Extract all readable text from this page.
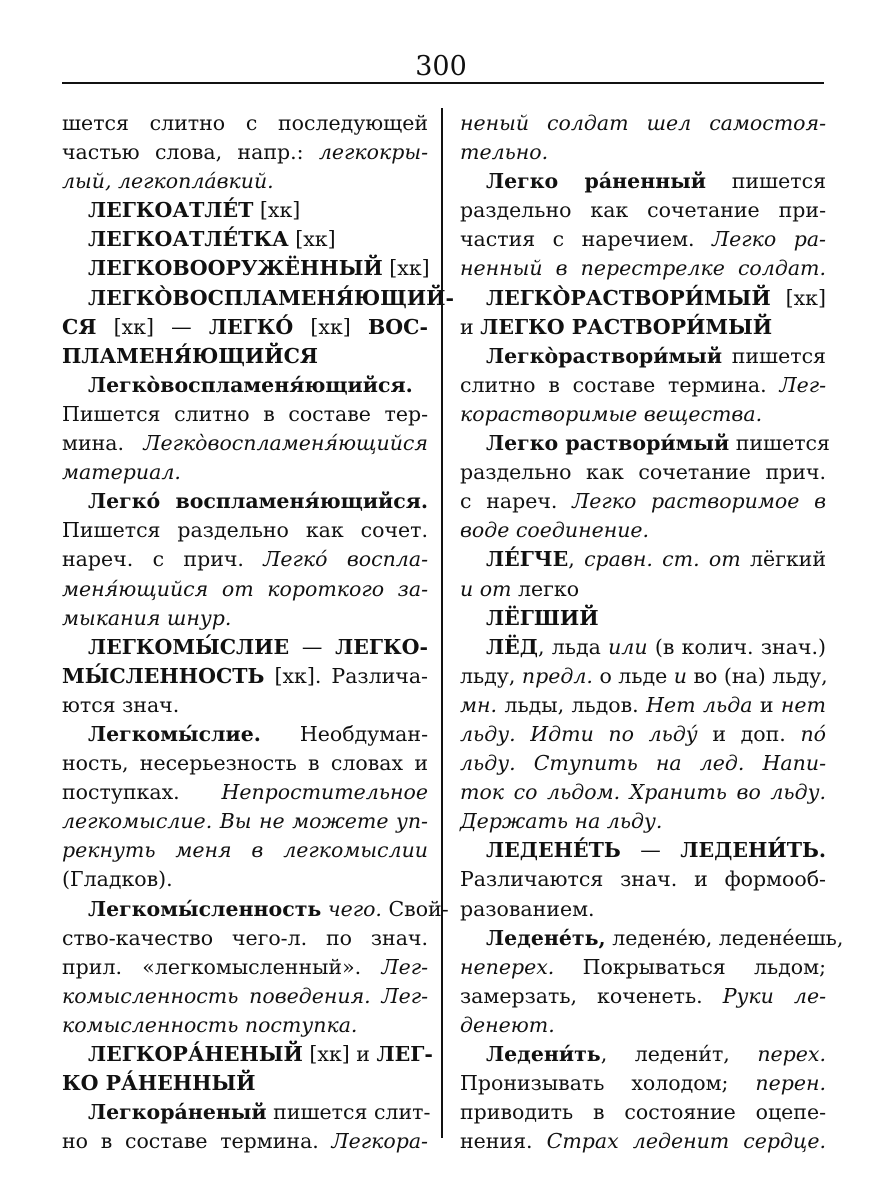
300
шется слитно с последующей
частью слова, напр.: легкокры-
лый, легкопла́вкий.
ЛЕГКОАТЛЕ́Т [хк]
ЛЕГКОАТЛЕ́ТКА [хк]
ЛЕГКОВООРУЖЁННЫЙ [хк]
ЛЕГКО̀ВОСПЛАМЕНЯ́ЮЩИЙ-
СЯ [хк] — ЛЕГКО́ [хк] ВОС-
ПЛАМЕНЯ́ЮЩИЙСЯ
Легко̀воспламеня́ющийся.
Пишется слитно в составе тер-
мина. Легко̀воспламеня́ющийся
материал.
Легко́ воспламеня́ющийся.
Пишется раздельно как сочет.
нареч. с прич. Легко́ воспла-
меня́ющийся от короткого за-
мыкания шнур.
ЛЕГКОМЫ́СЛИЕ — ЛЕГКО-
МЫ́СЛЕННОСТЬ [хк]. Различа-
ются знач.
Легкомы́слие. Необдуман-
ность, несерьезность в словах и
поступках. Непростительное
легкомыслие. Вы не можете уп-
рекнуть меня в легкомыслии
(Гладков).
Легкомы́сленность чего. Свой-
ство-качество чего-л. по знач.
прил. «легкомысленный». Лег-
комысленность поведения. Лег-
комысленность поступка.
ЛЕГКОРА́НЕНЫЙ [хк] и ЛЕГ-
КО РА́НЕННЫЙ
Легкора́неный пишется слит-
но в составе термина. Легкора-
неный солдат шел самостоя-
тельно.
Легко ра́ненный пишется
раздельно как сочетание при-
частия с наречием. Легко ра-
ненный в перестрелке солдат.
ЛЕГКО̀РАСТВОРИ́МЫЙ [хк]
и ЛЕГКО РАСТВОРИ́МЫЙ
Легко̀раствори́мый пишется
слитно в составе термина. Лег-
корастворимые вещества.
Легко раствори́мый пишется
раздельно как сочетание прич.
с нареч. Легко растворимое в
воде соединение.
ЛЕ́ГЧЕ, сравн. ст. от лёгкий
и от легко
ЛЁГШИЙ
ЛЁД, льда или (в колич. знач.)
льду, предл. о льде и во (на) льду,
мн. льды, льдов. Нет льда и нет
льду. Идти по льду́ и доп. по́
льду. Ступить на лед. Напи-
ток со льдом. Хранить во льду.
Держать на льду.
ЛЕДЕНЕ́ТЬ — ЛЕДЕНИ́ТЬ.
Различаются знач. и формооб-
разованием.
Ледене́ть, ледене́ю, ледене́ешь,
неперех. Покрываться льдом;
замерзать, коченеть. Руки ле-
денеют.
Ледени́ть, ледени́т, перех.
Пронизывать холодом; перен.
приводить в состояние оцепе-
нения. Страх леденит сердце.
